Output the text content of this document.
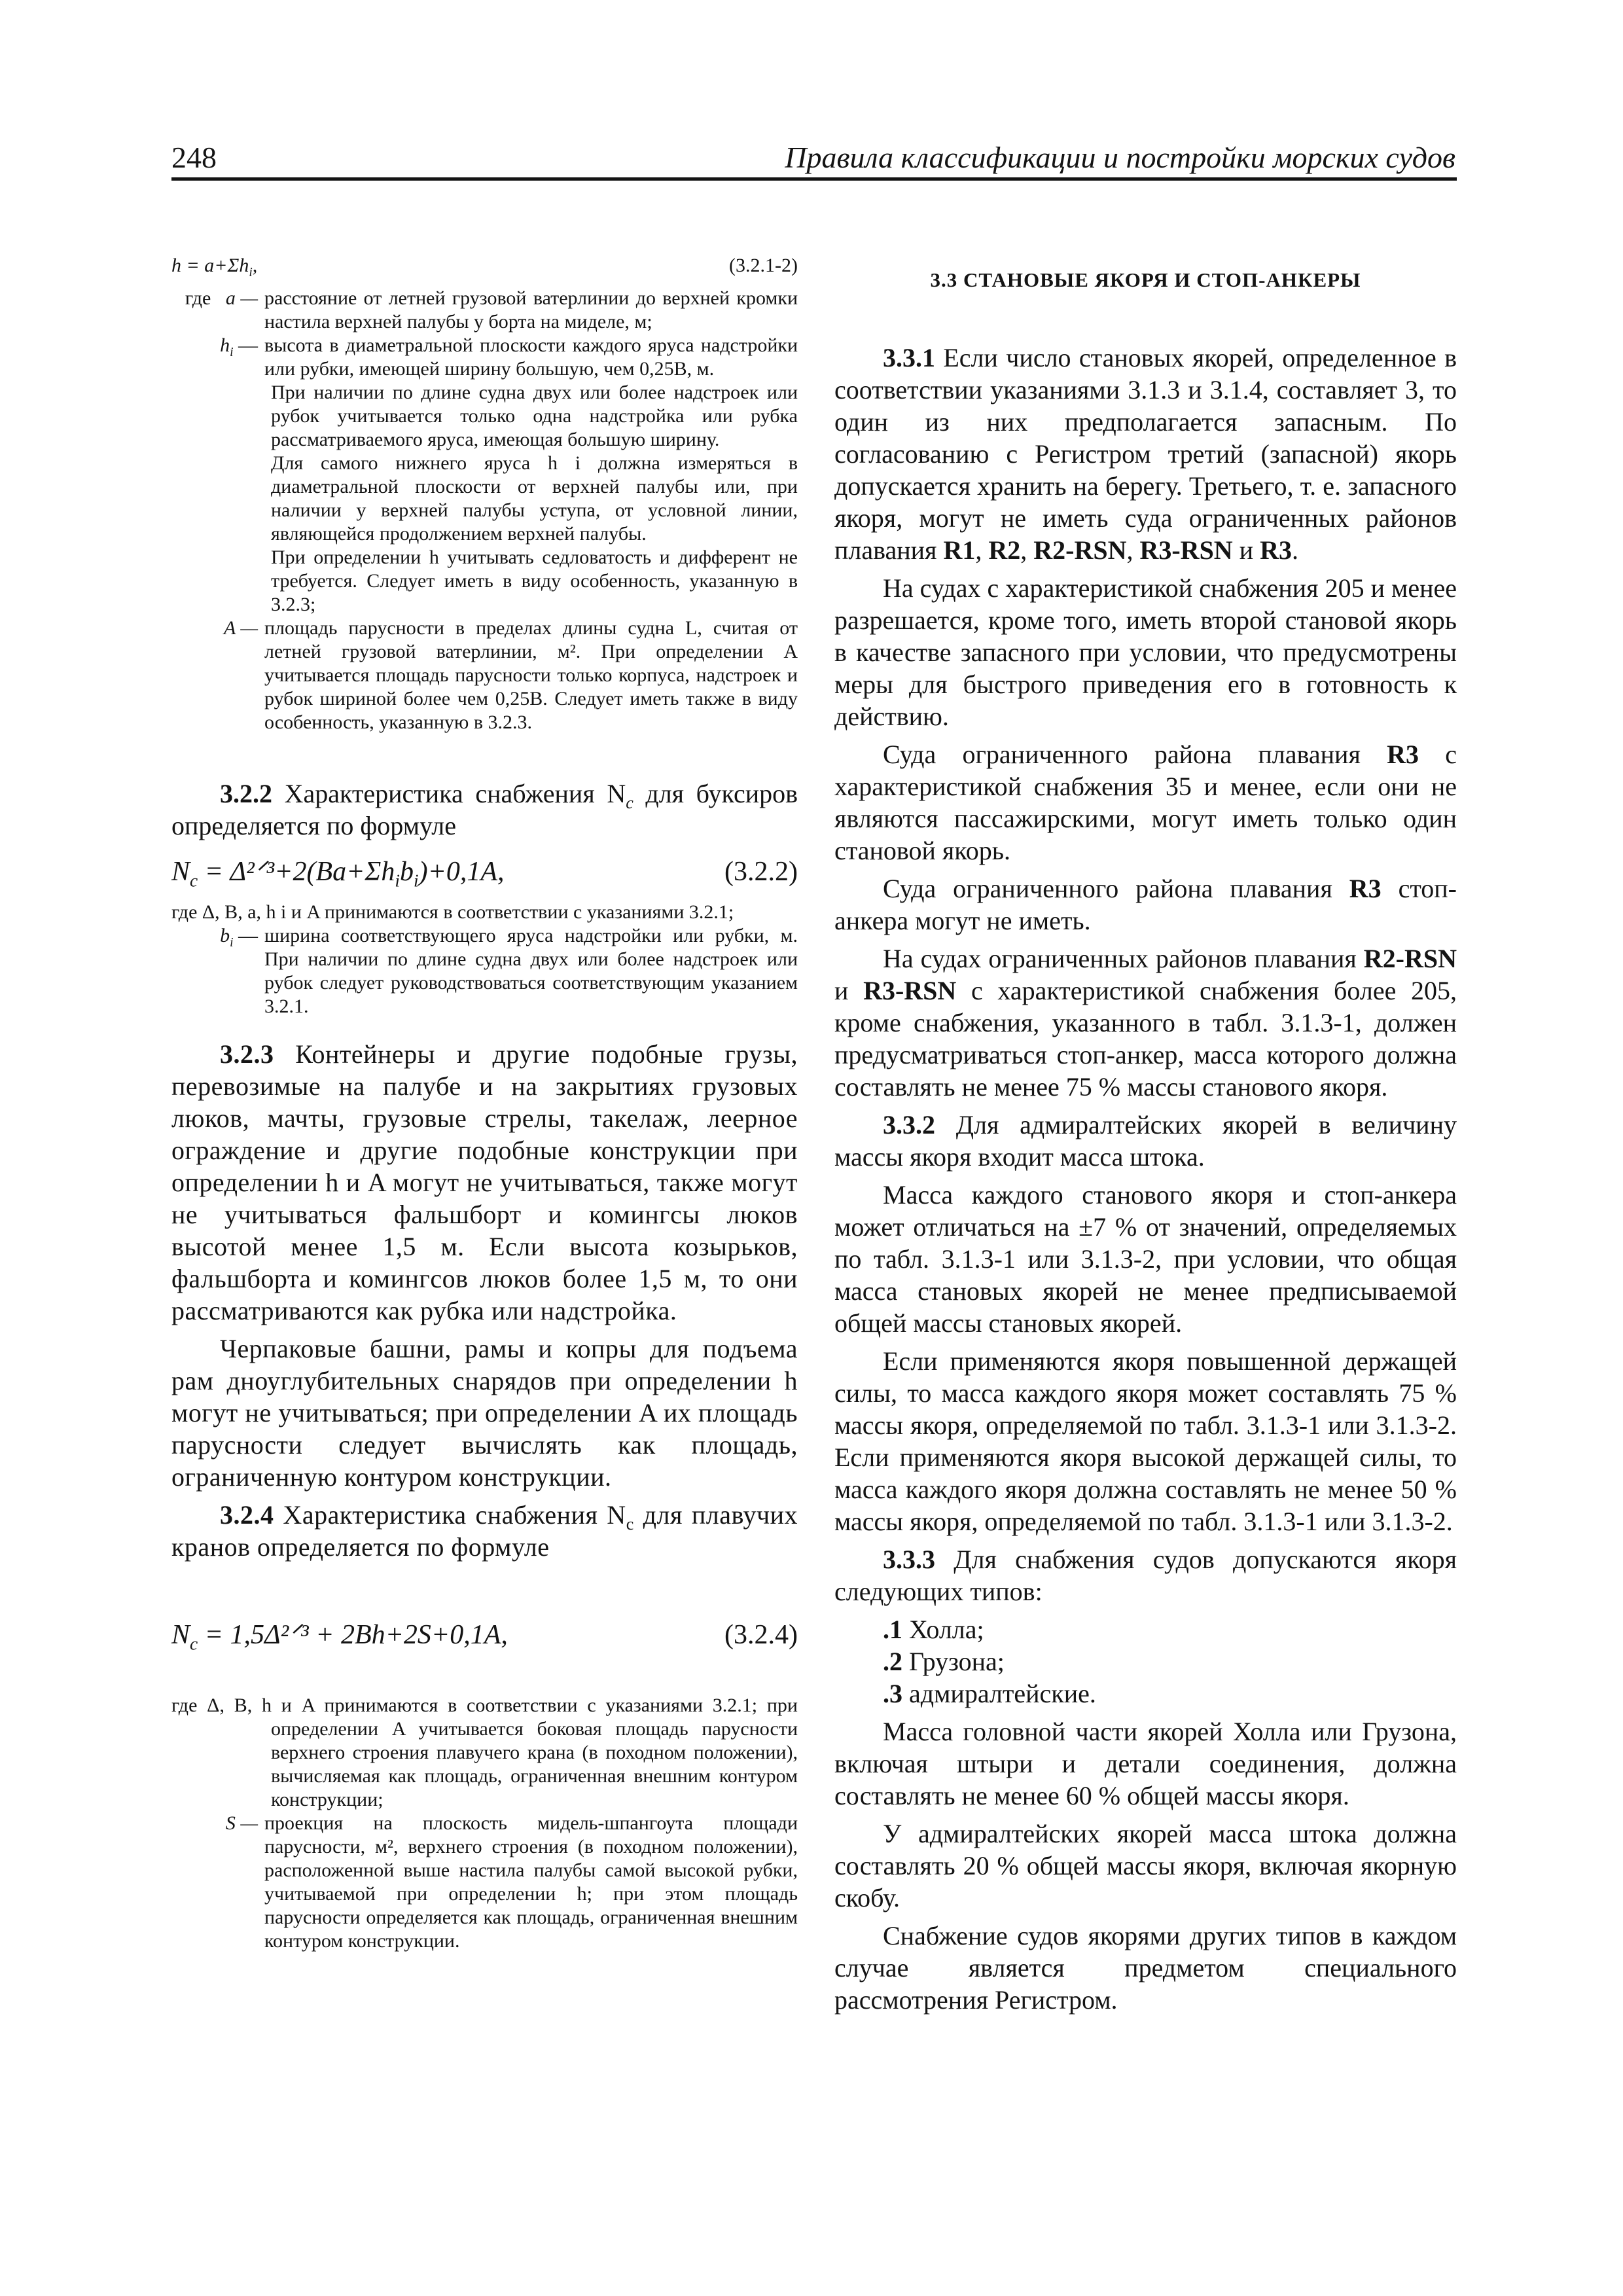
248	Правила классификации и постройки морских судов
$h = a+\Sigma h_i$,	(3.2.1-2)
где a — расстояние от летней грузовой ватерлинии до верхней кромки настила верхней палубы у борта на миделе, м;
$h_i$ — высота в диаметральной плоскости каждого яруса надстройки или рубки, имеющей ширину большую, чем 0,25B, м.
При наличии по длине судна двух или более надстроек или рубок учитывается только одна надстройка или рубка рассматриваемого яруса, имеющая большую ширину.
Для самого нижнего яруса h i должна измеряться в диаметральной плоскости от верхней палубы или, при наличии у верхней палубы уступа, от условной линии, являющейся продолжением верхней палубы.
При определении h учитывать седловатость и дифферент не требуется. Следует иметь в виду особенность, указанную в 3.2.3;
A — площадь парусности в пределах длины судна L, считая от летней грузовой ватерлинии, м². При определении A учитывается площадь парусности только корпуса, надстроек и рубок шириной более чем 0,25B. Следует иметь также в виду особенность, указанную в 3.2.3.

3.2.2 Характеристика снабжения $N_c$ для буксиров определяется по формуле

$N_c$ = $\Delta^2ᐟ^3+2(Ba+\Sigma h_ib_i)+0,1A$,	(3.2.2)
где Δ, B, a, h i и A принимаются в соответствии с указаниями 3.2.1;
$b_i$ — ширина соответствующего яруса надстройки или рубки, м. При наличии по длине судна двух или более надстроек или рубок следует руководствоваться соответствующим указанием 3.2.1.

3.2.3 Контейнеры и другие подобные грузы, перевозимые на палубе и на закрытиях грузовых люков, мачты, грузовые стрелы, такелаж, леерное ограждение и другие подобные конструкции при определении h и A могут не учитываться, также могут не учитываться фальшборт и комингсы люков высотой менее 1,5 м. Если высота козырьков, фальшборта и комингсов люков более 1,5 м, то они рассматриваются как рубка или надстройка.

Черпаковые башни, рамы и копры для подъема рам дноуглубительных снарядов при определении h могут не учитываться; при определении A их площадь парусности следует вычислять как площадь, ограниченную контуром конструкции.

3.2.4 Характеристика снабжения $N_c$ для плавучих кранов определяется по формуле

$N_c$ = 1,5Δ²ᐟ³ + 2Bh+2S+0,1A,	(3.2.4)
где Δ, B, h и A принимаются в соответствии с указаниями 3.2.1; при определении A учитывается боковая площадь парусности верхнего строения плавучего крана (в походном положении), вычисляемая как площадь, ограниченная внешним контуром конструкции;
S — проекция на плоскость мидель-шпангоута площади парусности, м², верхнего строения (в походном положении), расположенной выше настила палубы самой высокой рубки, учитываемой при определении h; при этом площадь парусности определяется как площадь, ограниченная внешним контуром конструкции.
3.3 СТАНОВЫЕ ЯКОРЯ И СТОП-АНКЕРЫ

3.3.1 Если число становых якорей, определенное в соответствии указаниями 3.1.3 и 3.1.4, составляет 3, то один из них предполагается запасным. По согласованию с Регистром третий (запасной) якорь допускается хранить на берегу. Третьего, т. е. запасного якоря, могут не иметь суда ограниченных районов плавания R1, R2, R2-RSN, R3-RSN и R3.

На судах с характеристикой снабжения 205 и менее разрешается, кроме того, иметь второй становой якорь в качестве запасного при условии, что предусмотрены меры для быстрого приведения его в готовность к действию.

Суда ограниченного района плавания R3 с характеристикой снабжения 35 и менее, если они не являются пассажирскими, могут иметь только один становой якорь.

Суда ограниченного района плавания R3 стоп-анкера могут не иметь.

На судах ограниченных районов плавания R2-RSN и R3-RSN с характеристикой снабжения более 205, кроме снабжения, указанного в табл. 3.1.3-1, должен предусматриваться стоп-анкер, масса которого должна составлять не менее 75 % массы станового якоря.

3.3.2 Для адмиралтейских якорей в величину массы якоря входит масса штока.

Масса каждого станового якоря и стоп-анкера может отличаться на ±7 % от значений, определяемых по табл. 3.1.3-1 или 3.1.3-2, при условии, что общая масса становых якорей не менее предписываемой общей массы становых якорей.

Если применяются якоря повышенной держащей силы, то масса каждого якоря может составлять 75 % массы якоря, определяемой по табл. 3.1.3-1 или 3.1.3-2. Если применяются якоря высокой держащей силы, то масса каждого якоря должна составлять не менее 50 % массы якоря, определяемой по табл. 3.1.3-1 или 3.1.3-2.

3.3.3 Для снабжения судов допускаются якоря следующих типов:

.1 Холла;
.2 Грузона;
.3 адмиралтейские.

Масса головной части якорей Холла или Грузона, включая штыри и детали соединения, должна составлять не менее 60 % общей массы якоря.

У адмиралтейских якорей масса штока должна составлять 20 % общей массы якоря, включая якорную скобу.

Снабжение судов якорями других типов в каждом случае является предметом специального рассмотрения Регистром.
